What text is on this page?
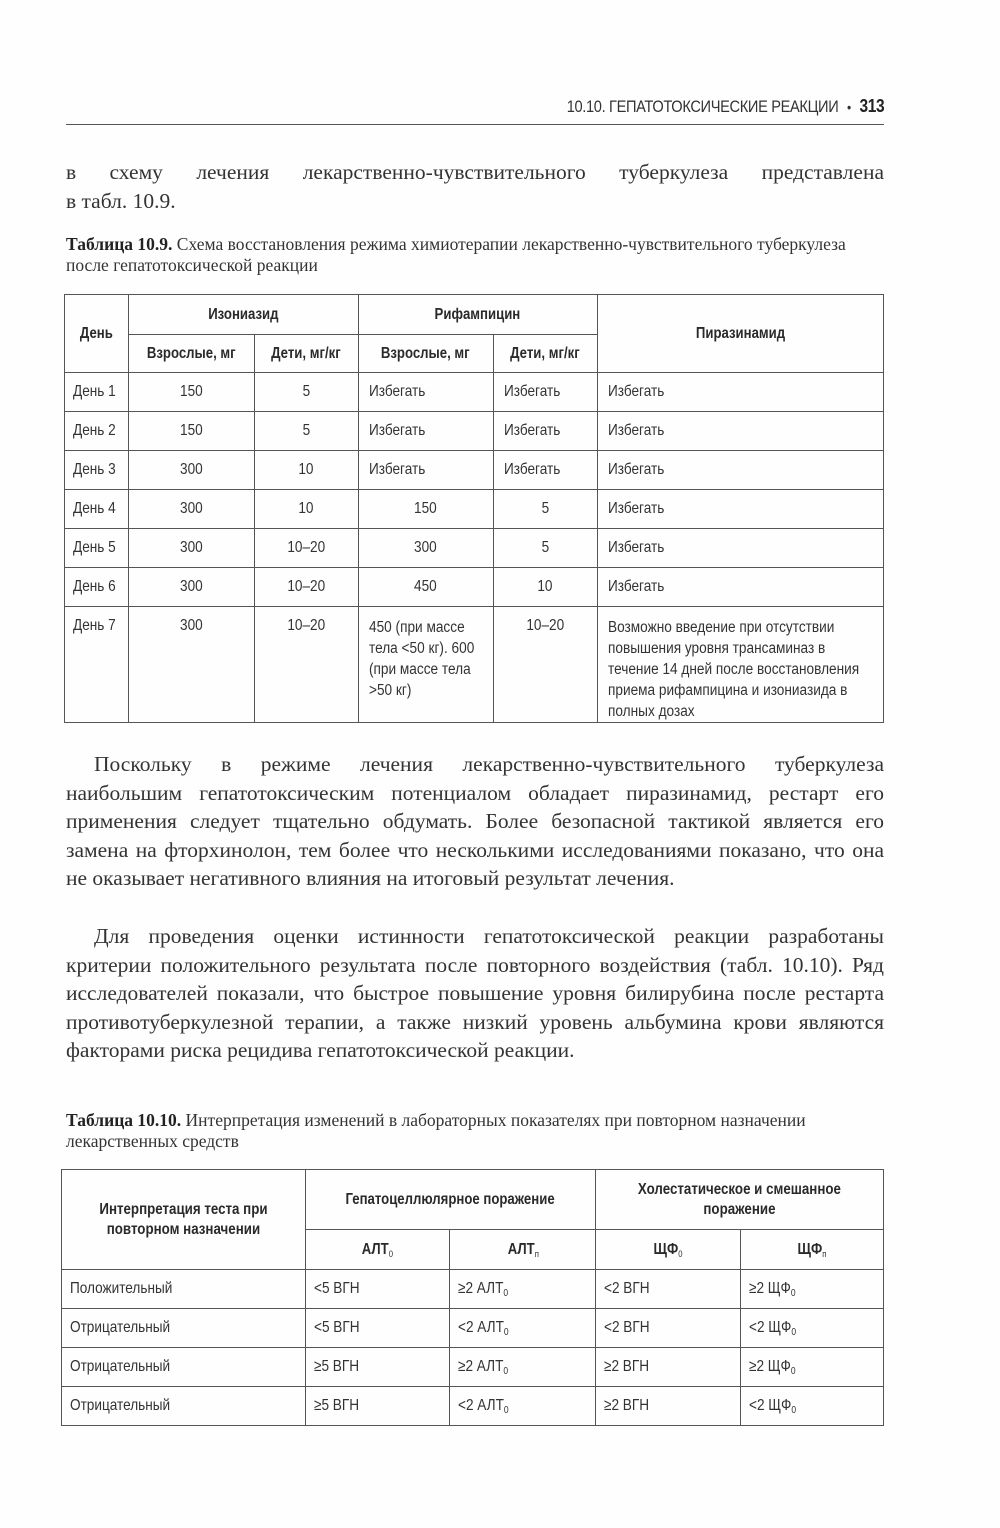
10.10. ГЕПАТОТОКСИЧЕСКИЕ РЕАКЦИИ • 313
в схему лечения лекарственно-чувствительного туберкулеза представлена
в табл. 10.9.
Таблица 10.9. Схема восстановления режима химиотерапии лекарственно-чувствительного туберкулеза после гепатотоксической реакции
День	Изониазид		Рифампицин		Пиразинамид
	Взрослые, мг	Дети, мг/кг	Взрослые, мг	Дети, мг/кг	
День 1	150	5	Избегать	Избегать	Избегать
День 2	150	5	Избегать	Избегать	Избегать
День 3	300	10	Избегать	Избегать	Избегать
День 4	300	10	150	5	Избегать
День 5	300	10–20	300	5	Избегать
День 6	300	10–20	450	10	Избегать
День 7	300	10–20	450 (при массе тела <50 кг). 600 (при массе тела >50 кг)	10–20	Возможно введение при отсутствии повышения уровня трансаминаз в течение 14 дней после восстановления приема рифампицина и изониазида в полных дозах
Поскольку в режиме лечения лекарственно-чувствительного туберкулеза наибольшим гепатотоксическим потенциалом обладает пиразинамид, рестарт его применения следует тщательно обдумать. Более безопасной тактикой является его замена на фторхинолон, тем более что несколькими исследованиями показано, что она не оказывает негативного влияния на итоговый результат лечения.
Для проведения оценки истинности гепатотоксической реакции разработаны критерии положительного результата после повторного воздействия (табл. 10.10). Ряд исследователей показали, что быстрое повышение уровня билирубина после рестарта противотуберкулезной терапии, а также низкий уровень альбумина крови являются факторами риска рецидива гепатотоксической реакции.
Таблица 10.10. Интерпретация изменений в лабораторных показателях при повторном назначении лекарственных средств
Интерпретация теста при повторном назначении	Гепатоцеллюлярное поражение		Холестатическое и смешанное поражение	

	$АЛТ_0$	$АЛТ_п$	$ЩФ_0$	$ЩФ_п$
Положительный	<5 ВГН	≥2 $АЛТ_0$	<2 ВГН	≥2 $ЩФ_0$
Отрицательный	<5 ВГН	<2 $АЛТ_0$	<2 ВГН	<2 $ЩФ_0$
Отрицательный	≥5 ВГН	≥2 $АЛТ_0$	≥2 ВГН	≥2 $ЩФ_0$
Отрицательный	≥5 ВГН	<2 $АЛТ_0$	≥2 ВГН	<2 $ЩФ_0$
